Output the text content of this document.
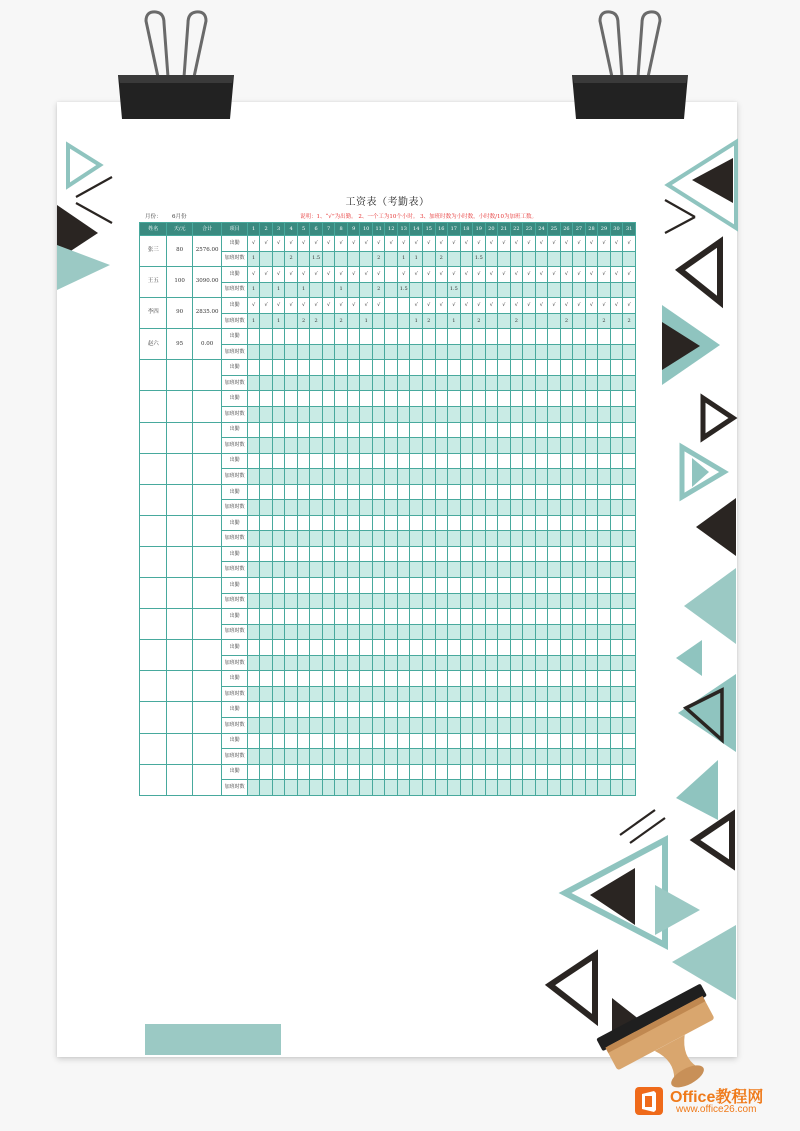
工资表（考勤表）
月份： 6月份	说明：1、“√”为出勤。 2、一个工为10个小时。 3、加班时数为小时数，小时数/10为加班工数。
姓名	天/元	合计	项目	1	2	3	4	5	6	7	8	9	10	11	12	13	14	15	16	17	18	19	20	21	22	23	24	25	26	27	28	29	30	31
张三	80	2576.00	出勤	√	√	√	√	√	√	√	√	√	√	√	√	√	√	√	√	√	√	√	√	√	√	√	√	√	√	√	√	√	√	√
			加班时数	1			2		1.5					2		1	1		2			1.5												
王五	100	3090.00	出勤	√	√	√	√	√	√	√	√	√	√	√		√	√	√	√	√	√	√	√	√	√	√	√	√	√	√	√	√	√	√
			加班时数	1		1		1			1			2		1.5				1.5														
李四	90	2835.00	出勤	√	√	√	√	√	√	√	√	√	√	√			√	√	√	√	√	√	√	√	√	√	√	√	√	√	√	√	√	√
			加班时数	1		1		2	2		2		1				1	2		1		2			2				2			2		2
赵六	95	0.00	出勤																															
			加班时数																															
			出勤																															
			加班时数																															
			出勤																															
			加班时数																															
			出勤																															
			加班时数																															
			出勤																															
			加班时数																															
			出勤																															
			加班时数																															
			出勤																															
			加班时数																															
			出勤																															
			加班时数																															
			出勤																															
			加班时数																															
			出勤																															
			加班时数																															
			出勤																															
			加班时数																															
			出勤																															
			加班时数																															
			出勤																															
			加班时数																															
			出勤																															
			加班时数																															
			出勤																															
			加班时数																															
Office教程网
www.office26.com
